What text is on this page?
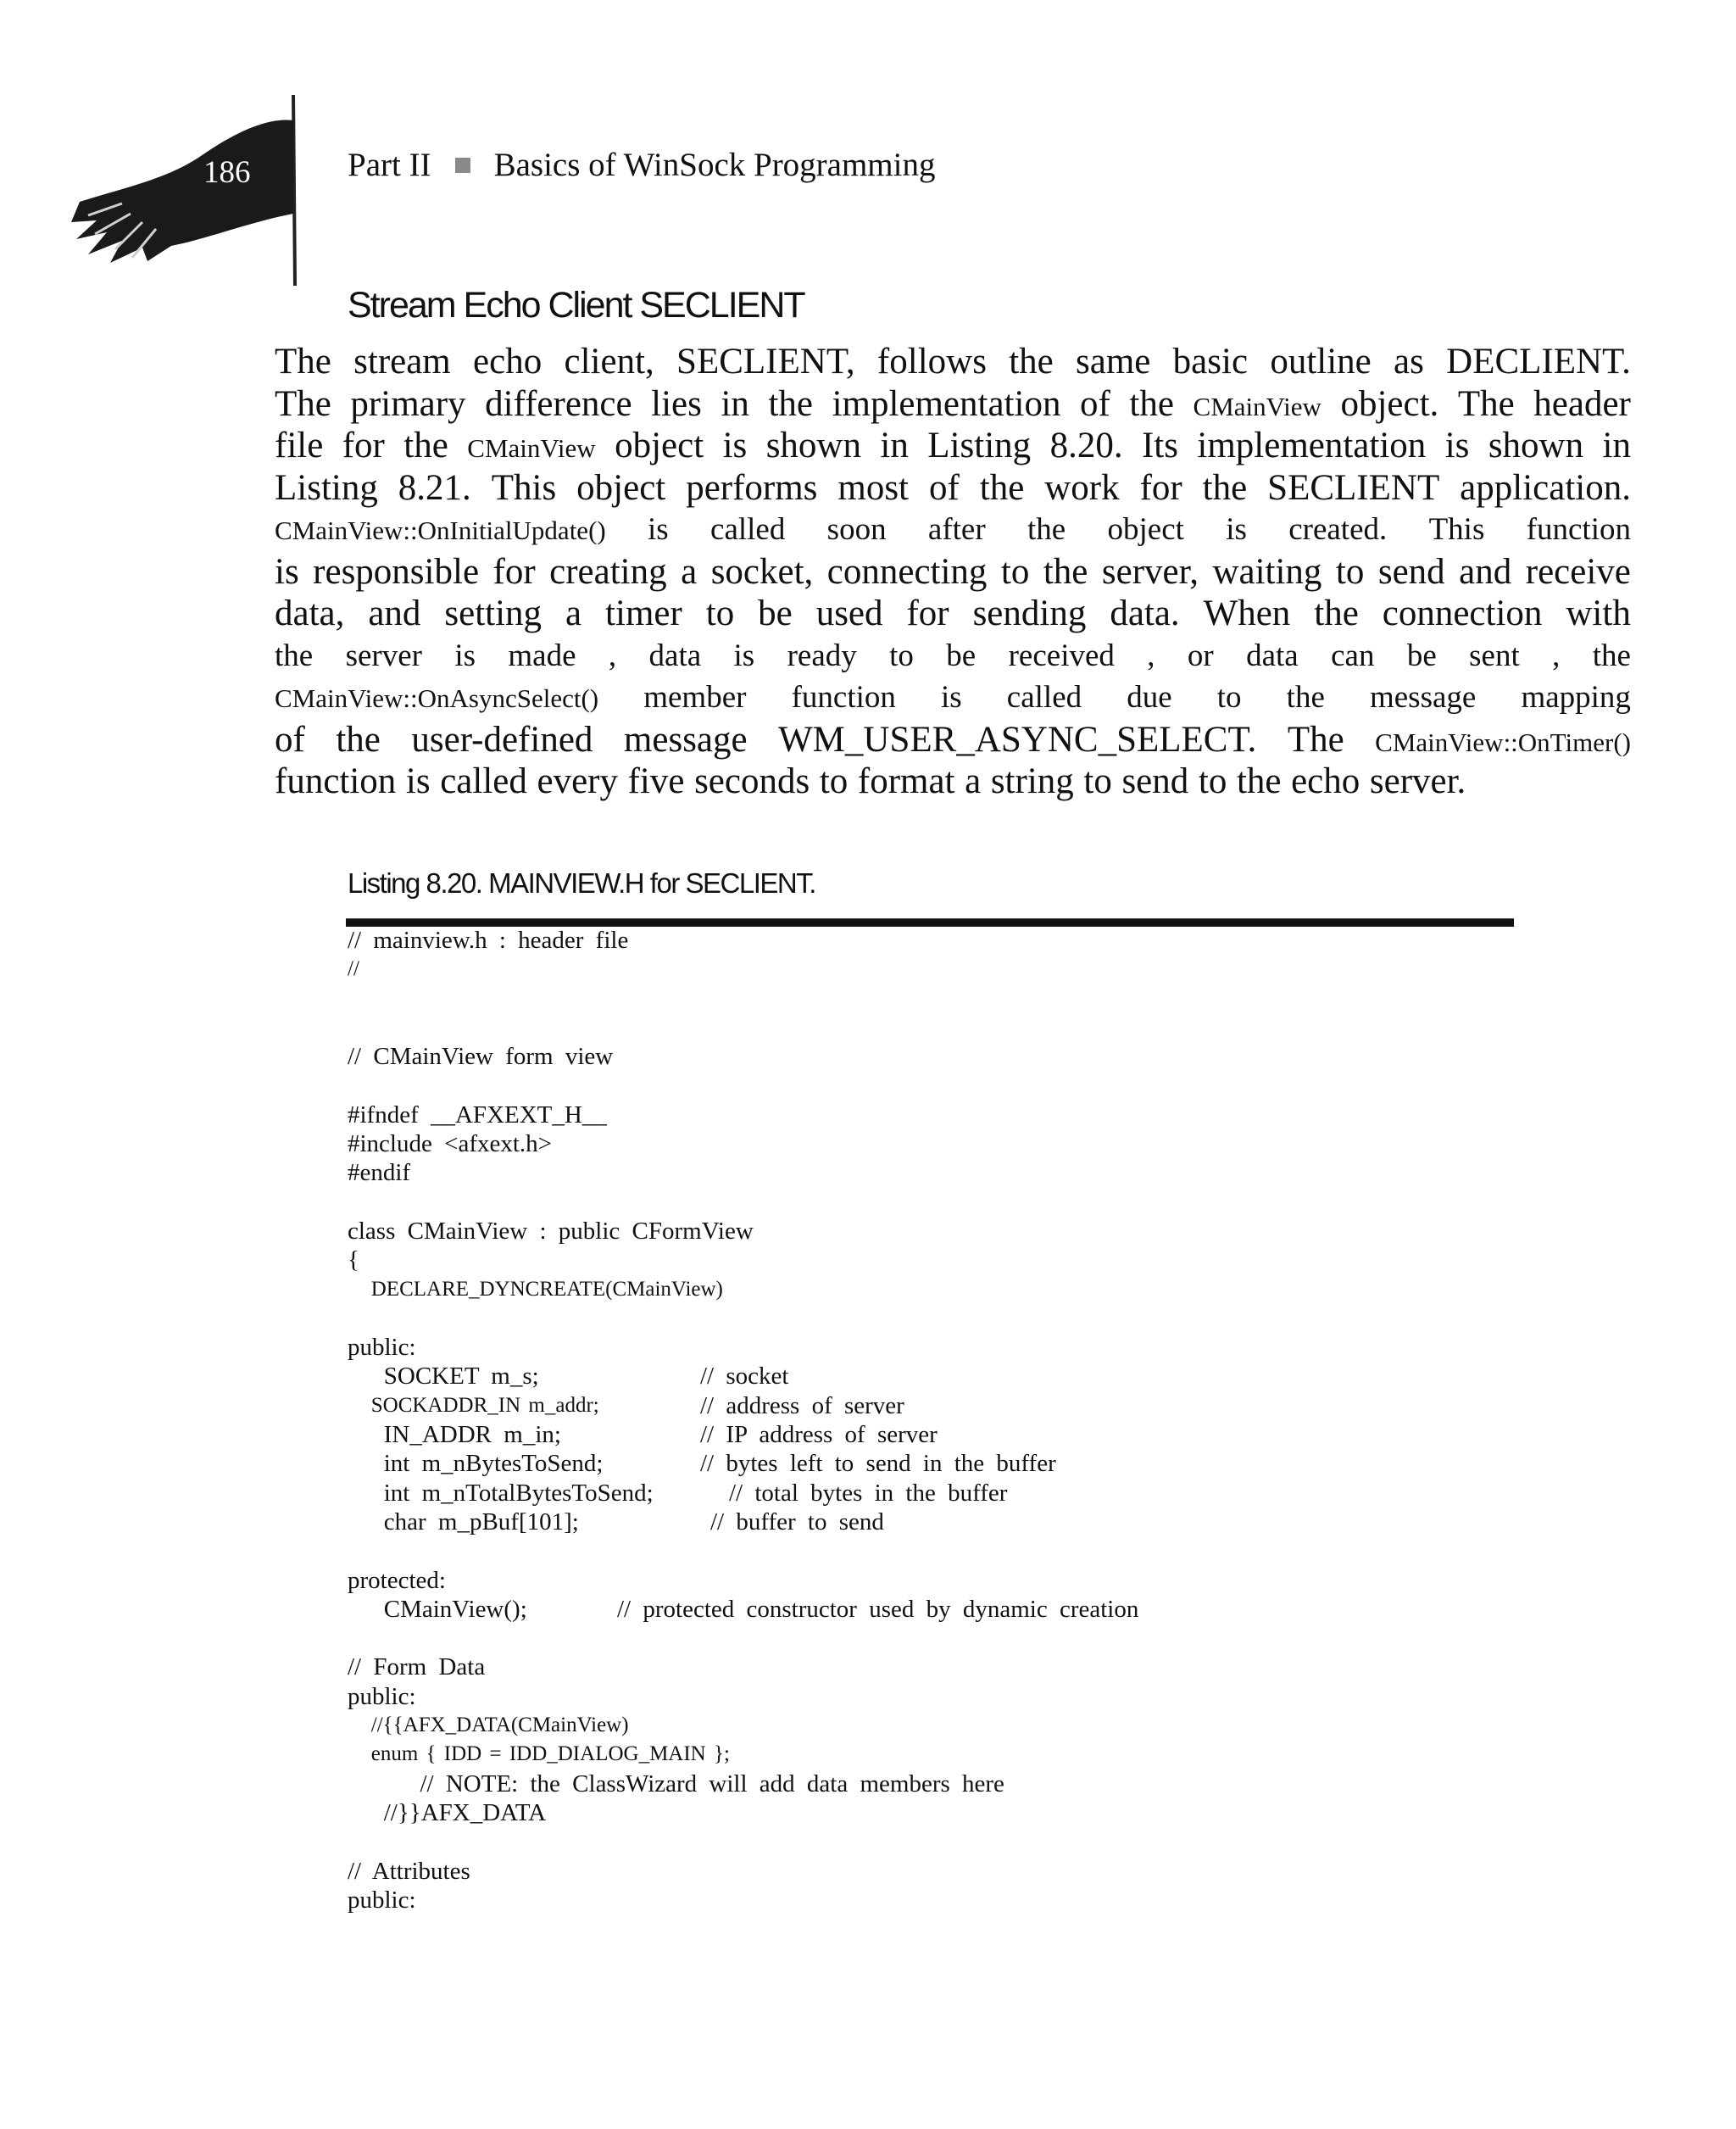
186	Part II Basics of WinSock Programming
Stream Echo Client SECLIENT
The stream echo client, SECLIENT, follows the same basic outline as DECLIENT.
The primary difference lies in the implementation of the CMainView object. The header
file for the CMainView object is shown in Listing 8.20. Its implementation is shown in
Listing 8.21. This object performs most of the work for the SECLIENT application.
CMainView::OnInitialUpdate() is called soon after the object is created. This function
is responsible for creating a socket, connecting to the server, waiting to send and receive
data, and setting a timer to be used for sending data. When the connection with
the server is made , data is ready to be received , or data can be sent , the
CMainView::OnAsyncSelect() member function is called due to the message mapping
of the user-defined message WM_USER_ASYNC_SELECT. The CMainView::OnTimer()
function is called every five seconds to format a string to send to the echo server.
Listing 8.20. MAINVIEW.H for SECLIENT.
// mainview.h : header file
//
// CMainView form view
#ifndef __AFXEXT_H__
#include <afxext.h>
#endif
class CMainView : public CFormView
{
DECLARE_DYNCREATE(CMainView)
public:
SOCKET m_s;	// socket
SOCKADDR_IN m_addr;	// address of server
IN_ADDR m_in;	// IP address of server
int m_nBytesToSend;	// bytes left to send in the buffer
int m_nTotalBytesToSend;	// total bytes in the buffer
char m_pBuf[101];	// buffer to send
protected:
CMainView();	// protected constructor used by dynamic creation
// Form Data
public:
//{{AFX_DATA(CMainView)
enum { IDD = IDD_DIALOG_MAIN };
// NOTE: the ClassWizard will add data members here
//}}AFX_DATA
// Attributes
public:
